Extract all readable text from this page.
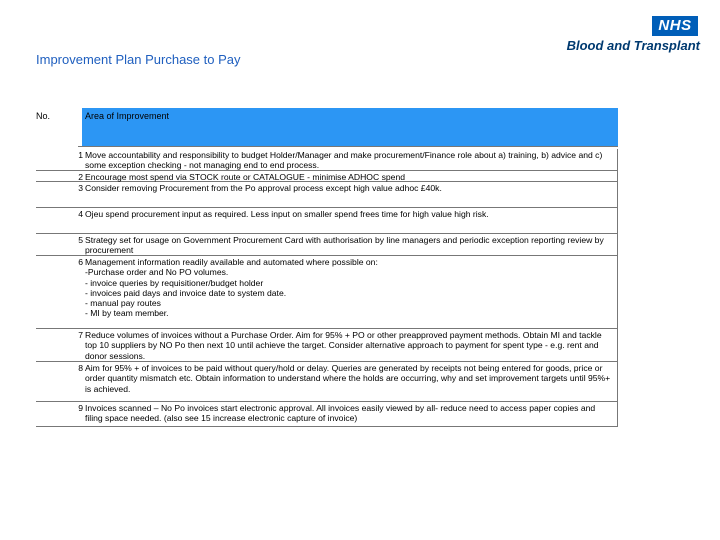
Improvement Plan Purchase to Pay
NHS
Blood and Transplant
No.	Area of Improvement
1 Move accountability and responsibility to budget Holder/Manager and make procurement/Finance role about a) training, b) advice and c) some exception checking - not managing end to end process.
2 Encourage most spend via STOCK route or CATALOGUE - minimise ADHOC spend
3 Consider removing Procurement from the Po approval process except high value adhoc £40k.
4 Ojeu spend procurement input as required. Less input on smaller spend frees time for high value high risk.
5 Strategy set for usage on Government Procurement Card with authorisation by line managers and periodic exception reporting review by procurement
6 Management information readily available and automated where possible on:
-Purchase order and No PO volumes.
- invoice queries by requisitioner/budget holder
- invoices paid days and invoice date to system date.
- manual pay routes
- MI by team member.
7 Reduce volumes of invoices without a Purchase Order. Aim for 95% + PO or other preapproved payment methods. Obtain MI and tackle top 10 suppliers by NO Po then next 10 until achieve the target. Consider alternative approach to payment for spent type - e.g. rent and donor sessions.
8 Aim for 95% + of invoices to be paid without query/hold or delay. Queries are generated by receipts not being entered for goods, price or order quantity mismatch etc. Obtain information to understand where the holds are occurring, why and set improvement targets until 95%+ is achieved.
9 Invoices scanned – No Po invoices start electronic approval. All invoices easily viewed by all- reduce need to access paper copies and filing space needed. (also see 15 increase electronic capture of invoice)
